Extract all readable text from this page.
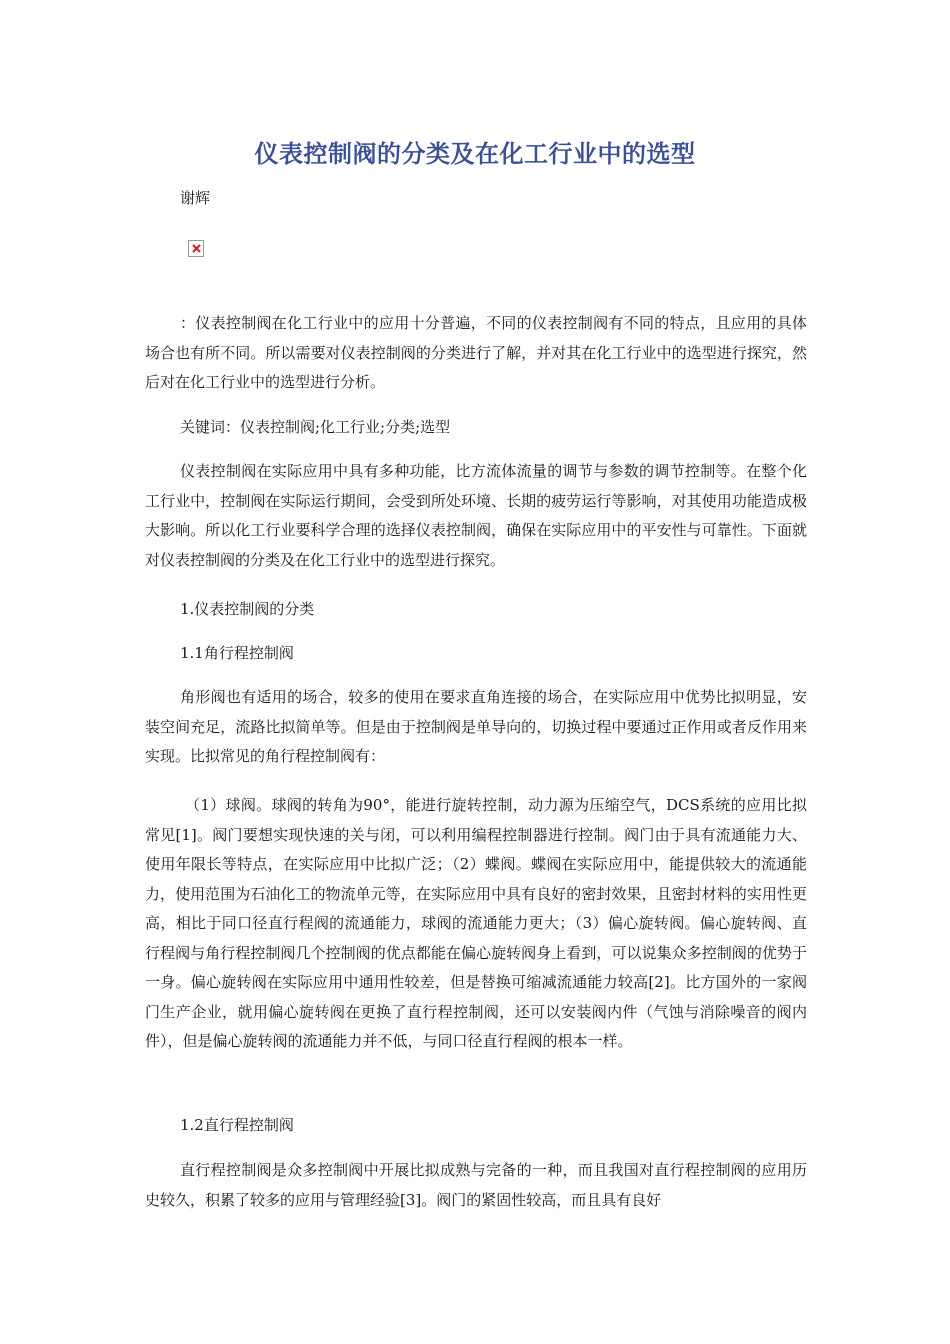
仪表控制阀的分类及在化工行业中的选型
谢辉

：仪表控制阀在化工行业中的应用十分普遍，不同的仪表控制阀有不同的特点，且应用的具体场合也有所不同。所以需要对仪表控制阀的分类进行了解，并对其在化工行业中的选型进行探究，然后对在化工行业中的选型进行分析。

关键词：仪表控制阀;化工行业;分类;选型

仪表控制阀在实际应用中具有多种功能，比方流体流量的调节与参数的调节控制等。在整个化工行业中，控制阀在实际运行期间，会受到所处环境、长期的疲劳运行等影响，对其使用功能造成极大影响。所以化工行业要科学合理的选择仪表控制阀，确保在实际应用中的平安性与可靠性。下面就对仪表控制阀的分类及在化工行业中的选型进行探究。

1.仪表控制阀的分类

1.1角行程控制阀

角形阀也有适用的场合，较多的使用在要求直角连接的场合，在实际应用中优势比拟明显，安装空间充足，流路比拟简单等。但是由于控制阀是单导向的，切换过程中要通过正作用或者反作用来实现。比拟常见的角行程控制阀有：

（1）球阀。球阀的转角为90°，能进行旋转控制，动力源为压缩空气，DCS系统的应用比拟常见[1]。阀门要想实现快速的关与闭，可以利用编程控制器进行控制。阀门由于具有流通能力大、使用年限长等特点，在实际应用中比拟广泛；（2）蝶阀。蝶阀在实际应用中，能提供较大的流通能力，使用范围为石油化工的物流单元等，在实际应用中具有良好的密封效果，且密封材料的实用性更高，相比于同口径直行程阀的流通能力，球阀的流通能力更大；（3）偏心旋转阀。偏心旋转阀、直行程阀与角行程控制阀几个控制阀的优点都能在偏心旋转阀身上看到，可以说集众多控制阀的优势于一身。偏心旋转阀在实际应用中通用性较差，但是替换可缩减流通能力较高[2]。比方国外的一家阀门生产企业，就用偏心旋转阀在更换了直行程控制阀，还可以安装阀内件（气蚀与消除噪音的阀内件），但是偏心旋转阀的流通能力并不低，与同口径直行程阀的根本一样。

1.2直行程控制阀

直行程控制阀是众多控制阀中开展比拟成熟与完备的一种，而且我国对直行程控制阀的应用历史较久，积累了较多的应用与管理经验[3]。阀门的紧固性较高，而且具有良好
